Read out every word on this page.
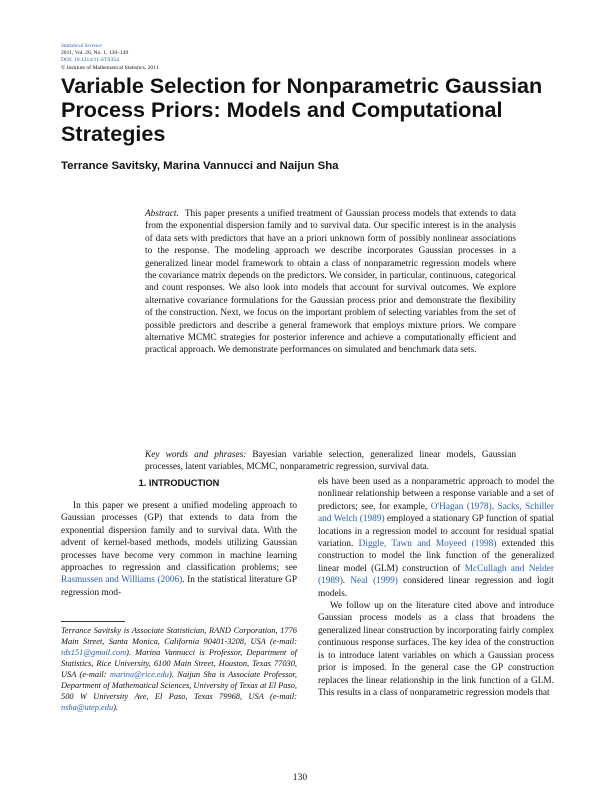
Statistical Science
2011, Vol. 26, No. 1, 130–149
DOI: 10.1214/11-STS354
© Institute of Mathematical Statistics, 2011
Variable Selection for Nonparametric Gaussian Process Priors: Models and Computational Strategies

Terrance Savitsky, Marina Vannucci and Naijun Sha

Abstract. This paper presents a unified treatment of Gaussian process models that extends to data from the exponential dispersion family and to survival data. Our specific interest is in the analysis of data sets with predictors that have an a priori unknown form of possibly nonlinear associations to the response. The modeling approach we describe incorporates Gaussian processes in a generalized linear model framework to obtain a class of nonparametric regression models where the covariance matrix depends on the predictors. We consider, in particular, continuous, categorical and count responses. We also look into models that account for survival outcomes. We explore alternative covariance formulations for the Gaussian process prior and demonstrate the flexibility of the construction. Next, we focus on the important problem of selecting variables from the set of possible predictors and describe a general framework that employs mixture priors. We compare alternative MCMC strategies for posterior inference and achieve a computationally efficient and practical approach. We demonstrate performances on simulated and benchmark data sets.

Key words and phrases: Bayesian variable selection, generalized linear models, Gaussian processes, latent variables, MCMC, nonparametric regression, survival data.

1. INTRODUCTION

In this paper we present a unified modeling approach to Gaussian processes (GP) that extends to data from the exponential dispersion family and to survival data. With the advent of kernel-based methods, models utilizing Gaussian processes have become very common in machine learning approaches to regression and classification problems; see Rasmussen and Williams (2006). In the statistical literature GP regression mod-

els have been used as a nonparametric approach to model the nonlinear relationship between a response variable and a set of predictors; see, for example, O'Hagan (1978). Sacks, Schiller and Welch (1989) employed a stationary GP function of spatial locations in a regression model to account for residual spatial variation. Diggle, Tawn and Moyeed (1998) extended this construction to model the link function of the generalized linear model (GLM) construction of McCullagh and Nelder (1989). Neal (1999) considered linear regression and logit models.

We follow up on the literature cited above and introduce Gaussian process models as a class that broadens the generalized linear construction by incorporating fairly complex continuous response surfaces. The key idea of the construction is to introduce latent variables on which a Gaussian process prior is imposed. In the general case the GP construction replaces the linear relationship in the link function of a GLM. This results in a class of nonparametric regression models that

Terrance Savitsky is Associate Statistician, RAND Corporation, 1776 Main Street, Santa Monica, California 90401-3208, USA (e-mail: tds151@gmail.com). Marina Vannucci is Professor, Department of Statistics, Rice University, 6100 Main Street, Houston, Texas 77030, USA (e-mail: marina@rice.edu). Naijun Sha is Associate Professor, Department of Mathematical Sciences, University of Texas at El Paso, 500 W University Ave, El Paso, Texas 79968, USA (e-mail: nsha@utep.edu).

130
